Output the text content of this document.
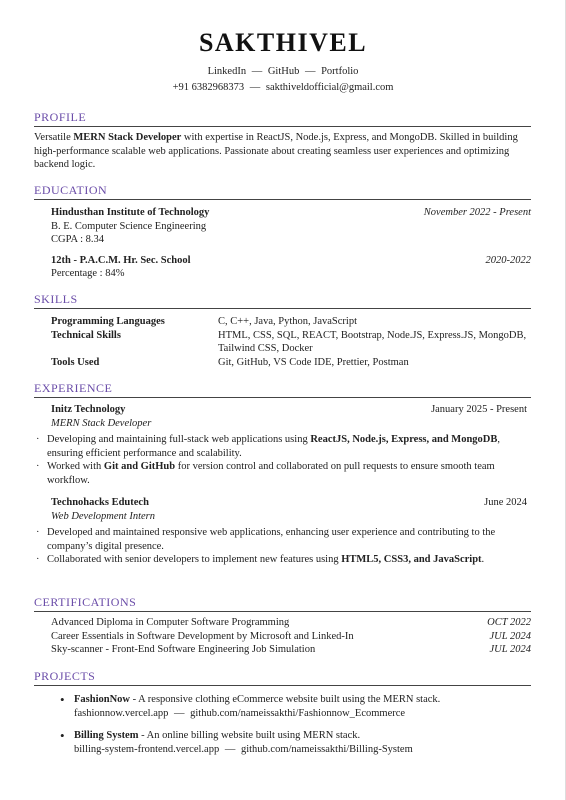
SAKTHIVEL
LinkedIn — GitHub — Portfolio
+91 6382968373 — sakthiveldofficial@gmail.com
PROFILE
Versatile MERN Stack Developer with expertise in ReactJS, Node.js, Express, and MongoDB. Skilled in building high-performance scalable web applications. Passionate about creating seamless user experiences and optimizing backend logic.
EDUCATION
Hindusthan Institute of Technology	November 2022 - Present
B. E. Computer Science Engineering
CGPA : 8.34
12th - P.A.C.M. Hr. Sec. School	2020-2022
Percentage : 84%
SKILLS
Programming Languages	C, C++, Java, Python, JavaScript
Technical Skills	HTML, CSS, SQL, REACT, Bootstrap, Node.JS, Express.JS, MongoDB, Tailwind CSS, Docker
Tools Used	Git, GitHub, VS Code IDE, Prettier, Postman
EXPERIENCE
Initz Technology	January 2025 - Present
MERN Stack Developer
· Developing and maintaining full-stack web applications using ReactJS, Node.js, Express, and MongoDB, ensuring efficient performance and scalability.
· Worked with Git and GitHub for version control and collaborated on pull requests to ensure smooth team workflow.
Technohacks Edutech	June 2024
Web Development Intern
· Developed and maintained responsive web applications, enhancing user experience and contributing to the company’s digital presence.
· Collaborated with senior developers to implement new features using HTML5, CSS3, and JavaScript.
CERTIFICATIONS
Advanced Diploma in Computer Software Programming	OCT 2022
Career Essentials in Software Development by Microsoft and Linked-In	JUL 2024
Sky-scanner - Front-End Software Engineering Job Simulation	JUL 2024
PROJECTS
• FashionNow - A responsive clothing eCommerce website built using the MERN stack.
fashionnow.vercel.app — github.com/nameissakthi/Fashionnow_Ecommerce
• Billing System - An online billing website built using MERN stack.
billing-system-frontend.vercel.app — github.com/nameissakthi/Billing-System
